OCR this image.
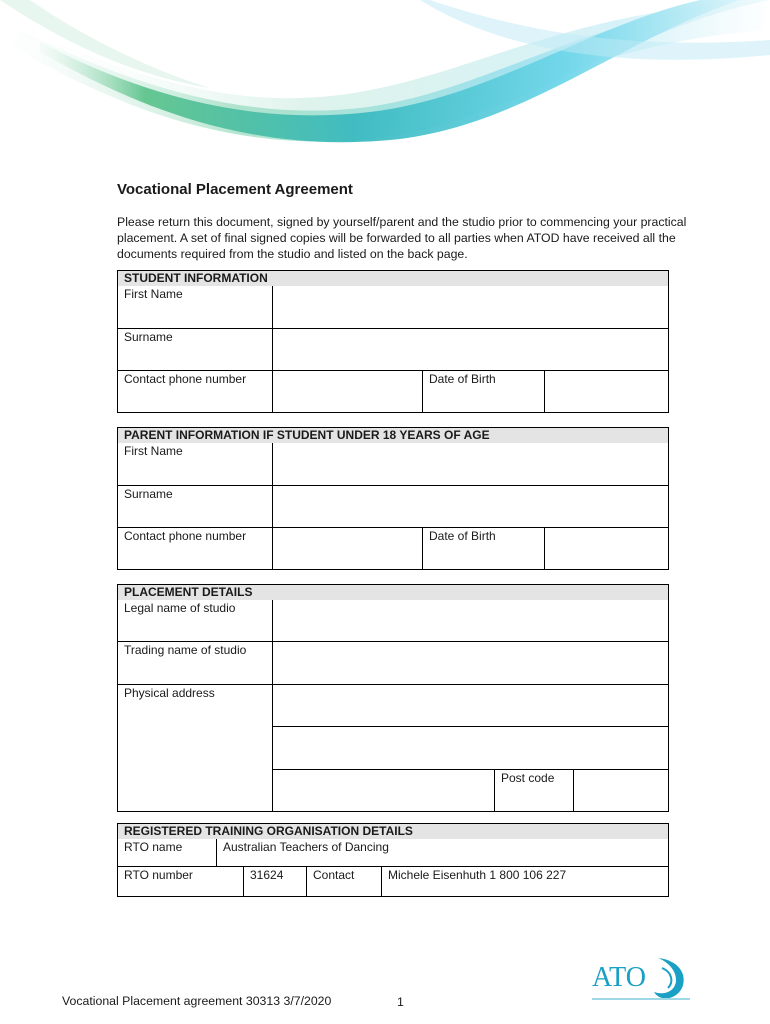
Vocational Placement Agreement
Please return this document, signed by yourself/parent and the studio prior to commencing your practical placement. A set of final signed copies will be forwarded to all parties when ATOD have received all the documents required from the studio and listed on the back page.
STUDENT INFORMATION			
First Name			
Surname			
Contact phone number		Date of Birth	
PARENT INFORMATION IF STUDENT UNDER 18 YEARS OF AGE			
First Name			
Surname			
Contact phone number		Date of Birth	
PLACEMENT DETAILS			
Legal name of studio			
Trading name of studio			
Physical address			

		Post code	
REGISTERED TRAINING ORGANISATION DETAILS				
RTO name	Australian Teachers of Dancing			
RTO number		31624	Contact	Michele Eisenhuth 1 800 106 227
ATO
Vocational Placement agreement 30313 3/7/2020	1
